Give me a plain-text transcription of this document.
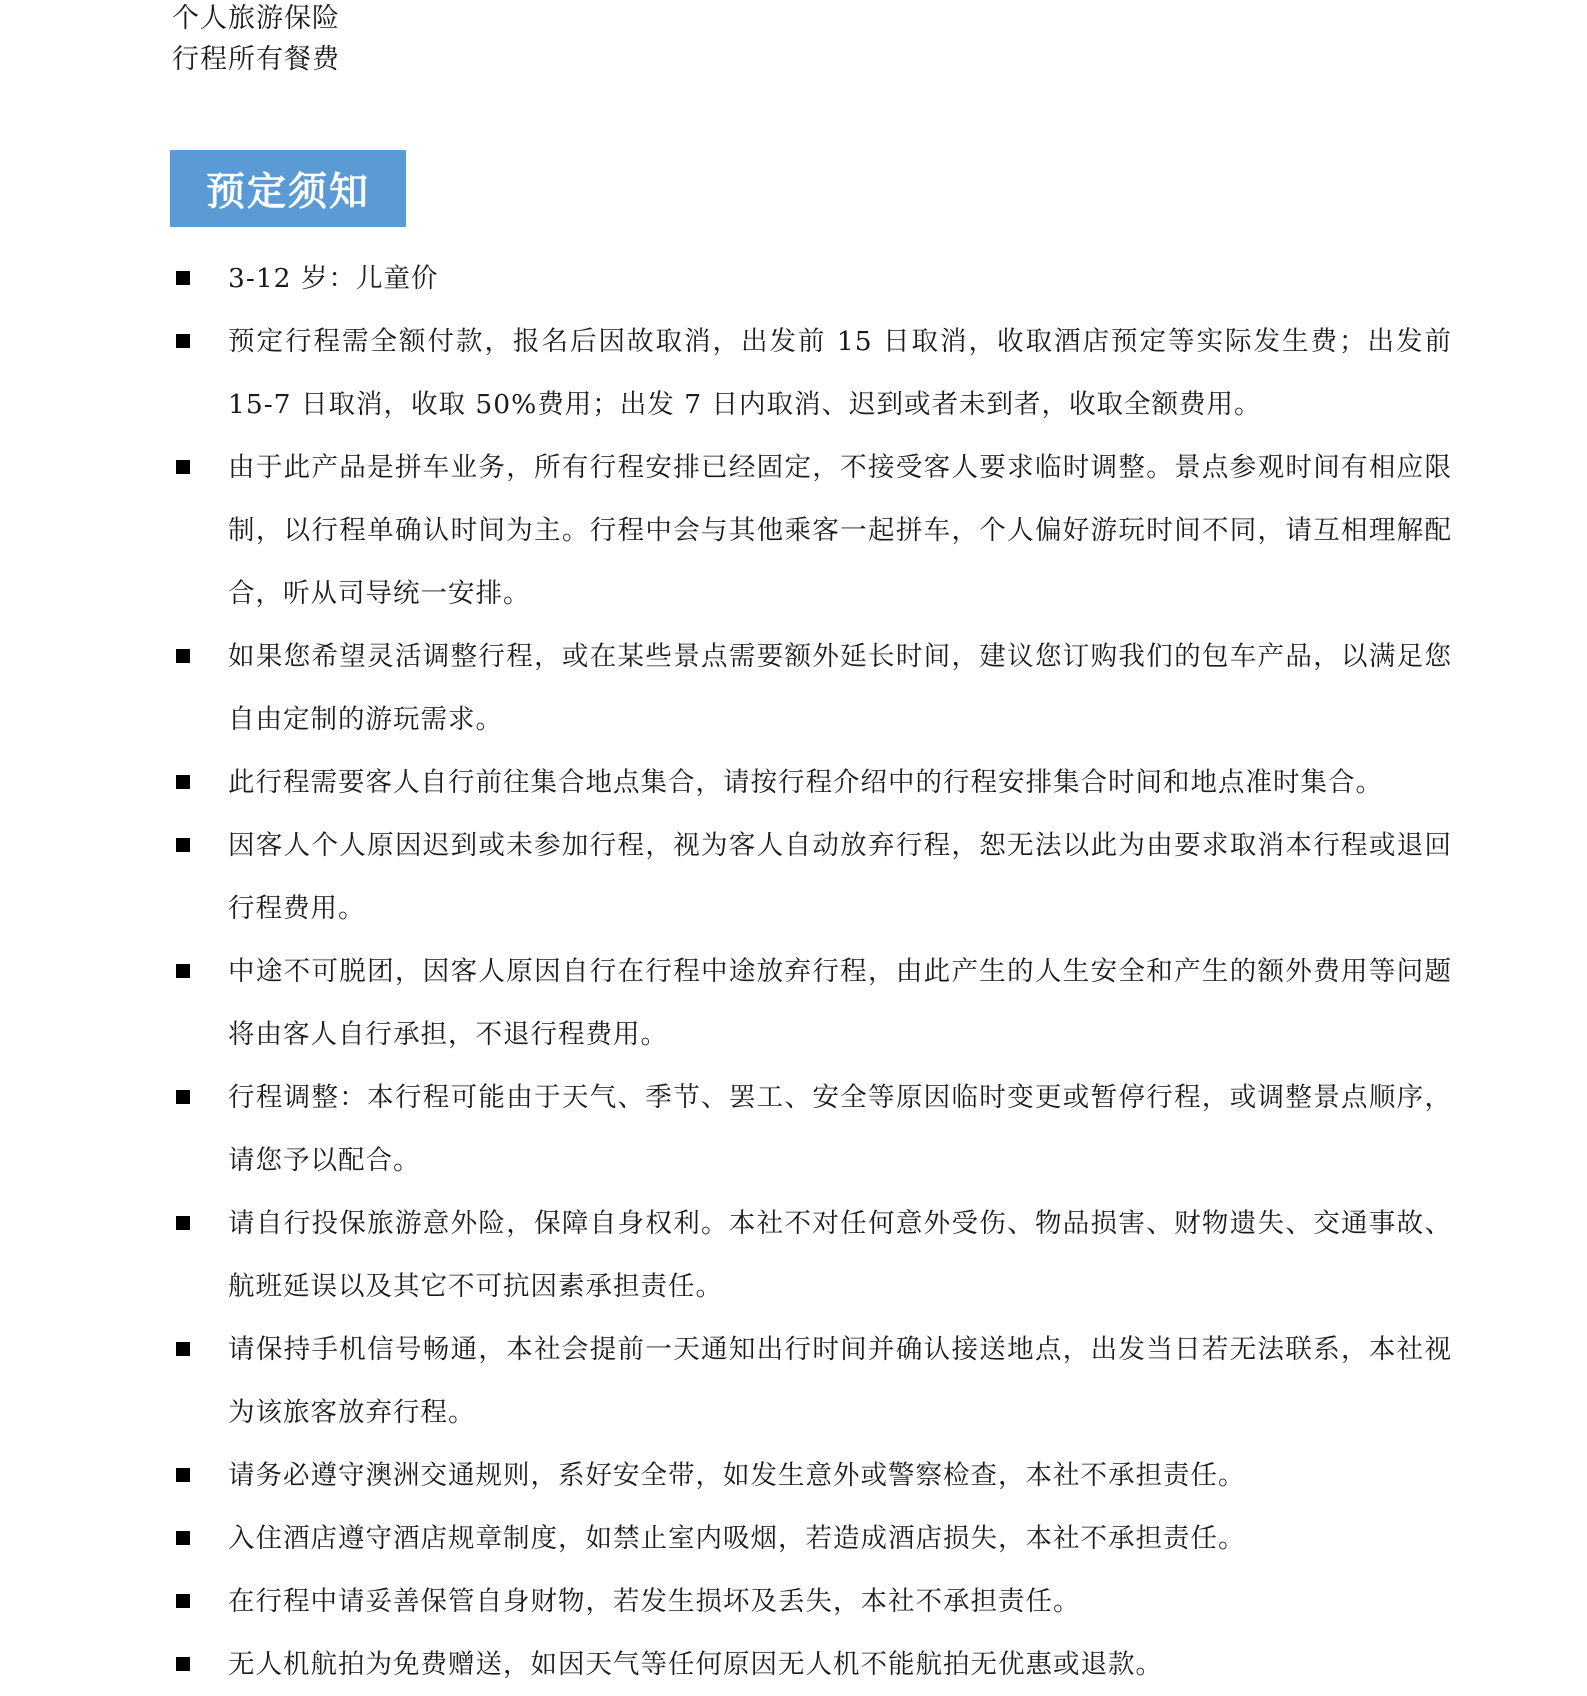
个人旅游保险
行程所有餐费
预定须知
3-12 岁：儿童价
预定行程需全额付款，报名后因故取消，出发前 15 日取消，收取酒店预定等实际发生费；出发前 15-7 日取消，收取 50%费用；出发 7 日内取消、迟到或者未到者，收取全额费用。
由于此产品是拼车业务，所有行程安排已经固定，不接受客人要求临时调整。景点参观时间有相应限制，以行程单确认时间为主。行程中会与其他乘客一起拼车，个人偏好游玩时间不同，请互相理解配合，听从司导统一安排。
如果您希望灵活调整行程，或在某些景点需要额外延长时间，建议您订购我们的包车产品，以满足您自由定制的游玩需求。
此行程需要客人自行前往集合地点集合，请按行程介绍中的行程安排集合时间和地点准时集合。
因客人个人原因迟到或未参加行程，视为客人自动放弃行程，恕无法以此为由要求取消本行程或退回行程费用。
中途不可脱团，因客人原因自行在行程中途放弃行程，由此产生的人生安全和产生的额外费用等问题将由客人自行承担，不退行程费用。
行程调整：本行程可能由于天气、季节、罢工、安全等原因临时变更或暂停行程，或调整景点顺序，请您予以配合。
请自行投保旅游意外险，保障自身权利。本社不对任何意外受伤、物品损害、财物遗失、交通事故、航班延误以及其它不可抗因素承担责任。
请保持手机信号畅通，本社会提前一天通知出行时间并确认接送地点，出发当日若无法联系，本社视为该旅客放弃行程。
请务必遵守澳洲交通规则，系好安全带，如发生意外或警察检查，本社不承担责任。
入住酒店遵守酒店规章制度，如禁止室内吸烟，若造成酒店损失，本社不承担责任。
在行程中请妥善保管自身财物，若发生损坏及丢失，本社不承担责任。
无人机航拍为免费赠送，如因天气等任何原因无人机不能航拍无优惠或退款。
